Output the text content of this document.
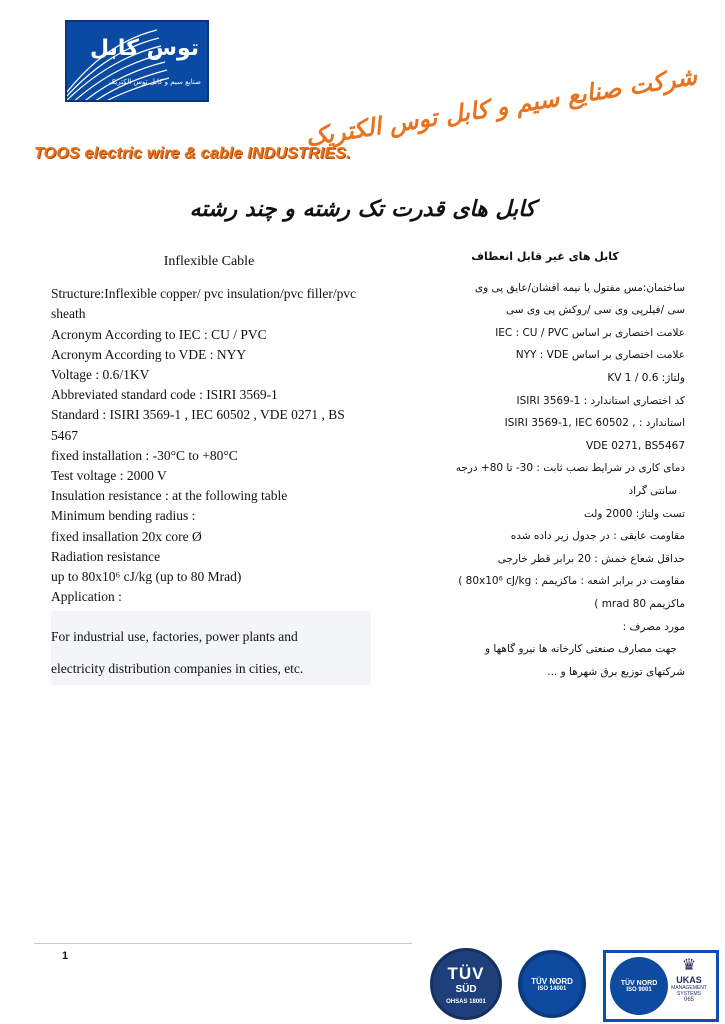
توس کابل
صنایع سیم و کابل توس الکتریک	شرکت صنایع سیم و کابل توس الکتریک
TOOS electric wire & cable INDUSTRIES.
کابل های قدرت تک رشته و چند رشته
Inflexible Cable
Structure:Inflexible copper/ pvc insulation/pvc filler/pvc sheath
Acronym According to IEC : CU / PVC
Acronym According to VDE : NYY
Voltage : 0.6/1KV
Abbreviated standard code : ISIRI 3569-1
Standard : ISIRI 3569-1 , IEC 60502 , VDE 0271 , BS 5467
fixed installation : -30°C to +80°C
Test voltage : 2000 V
Insulation resistance : at the following table
Minimum bending radius :
fixed insallation 20x core Ø
Radiation resistance
up to 80x10⁶ cJ/kg (up to 80 Mrad)
Application :
For industrial use, factories, power plants and
electricity distribution companies in cities, etc.
کابل های غیر قابل انعطاف
ساختمان:مس مفتول یا نیمه افشان/عایق پی وی
سی /فیلرپی وی سی /روکش پی وی سی
علامت اختصاری بر اساس IEC : CU / PVC
علامت اختصاری بر اساس NYY : VDE
ولتاژ: 0.6 / 1 KV
کد اختصاری استاندارد : ISIRI 3569-1
استاندارد : , ISIRI 3569-1, IEC 60502
VDE 0271, BS5467
دمای کاری در شرایط نصب ثابت : 30- تا 80+ درجه
سانتی گراد
تست ولتاژ: 2000 ولت
مقاومت عایقی : در جدول زیر داده شده
حداقل شعاع خمش : 20 برابر قطر خارجی
مقاومت در برابر اشعه : ماکزیمم : 80x10⁶ cJ/kg )
ماکزیمم 80 mrad )
مورد مصرف :
جهت مصارف صنعتی کارخانه ها نیرو گاهها و
شرکتهای توزیع برق شهرها و ...
1
TÜV
SÜD
OHSAS 18001
TÜV NORD
ISO 14001
TÜV NORD
ISO 9001
♛
UKAS
MANAGEMENT SYSTEMS
065
